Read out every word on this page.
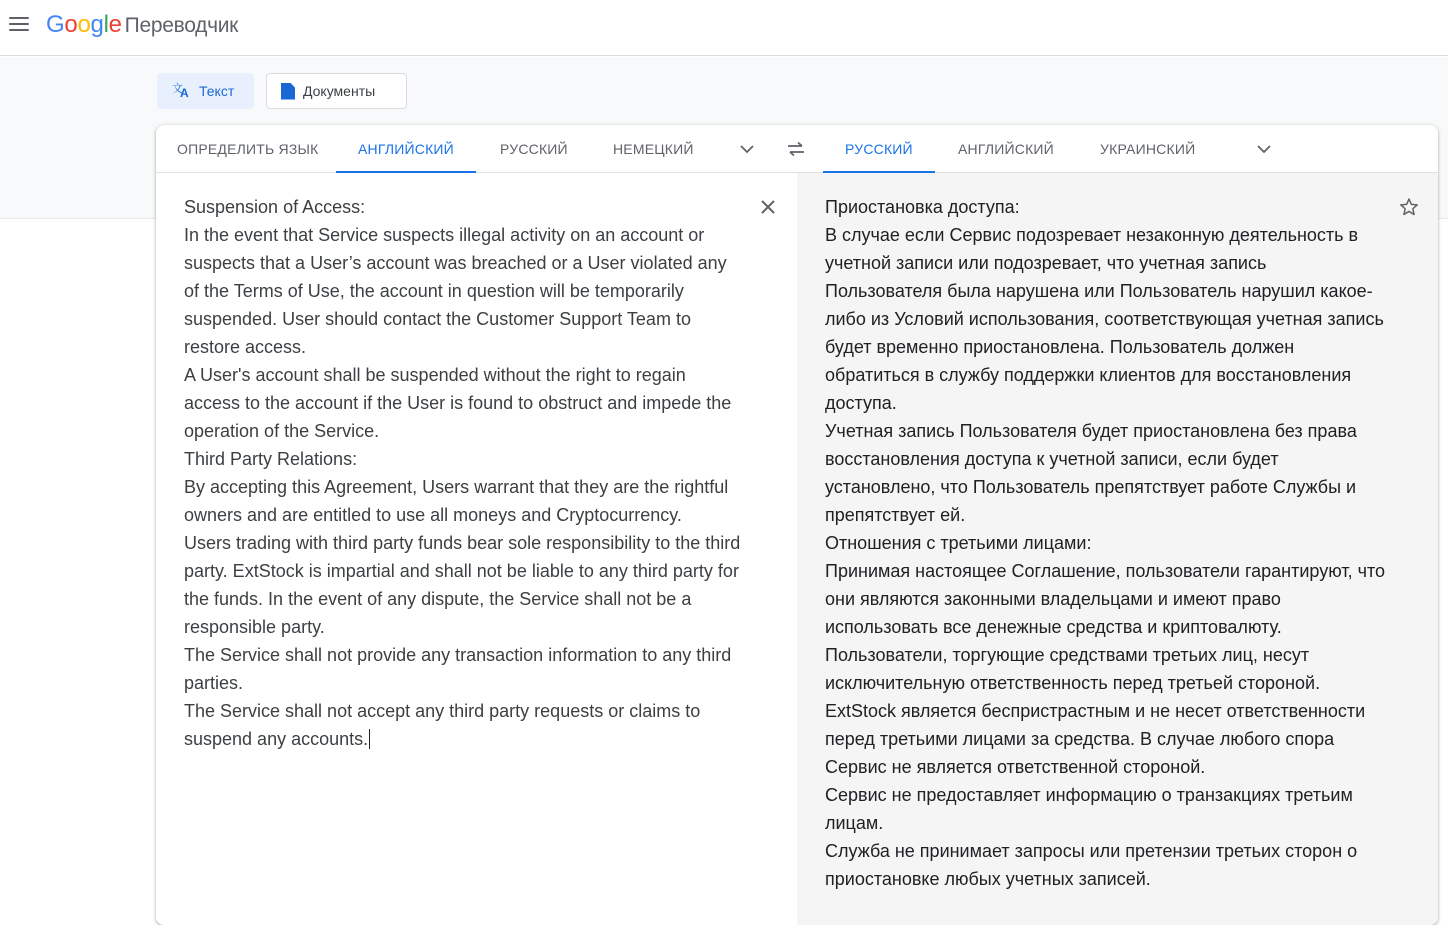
Google Переводчик
文
A Текст	Документы
ОПРЕДЕЛИТЬ ЯЗЫК	АНГЛИЙСКИЙ	РУССКИЙ	НЕМЕЦКИЙ	РУССКИЙ	АНГЛИЙСКИЙ	УКРАИНСКИЙ
Suspension of Access:
In the event that Service suspects illegal activity on an account or suspects that a User’s account was breached or a User violated any of the Terms of Use, the account in question will be temporarily suspended. User should contact the Customer Support Team to restore access.
A User's account shall be suspended without the right to regain access to the account if the User is found to obstruct and impede the operation of the Service.
Third Party Relations:
By accepting this Agreement, Users warrant that they are the rightful owners and are entitled to use all moneys and Cryptocurrency.
Users trading with third party funds bear sole responsibility to the third party. ExtStock is impartial and shall not be liable to any third party for the funds. In the event of any dispute, the Service shall not be a responsible party.
The Service shall not provide any transaction information to any third parties.
The Service shall not accept any third party requests or claims to suspend any accounts.
Приостановка доступа:
В случае если Сервис подозревает незаконную деятельность в учетной записи или подозревает, что учетная запись Пользователя была нарушена или Пользователь нарушил какое-либо из Условий использования, соответствующая учетная запись будет временно приостановлена. Пользователь должен обратиться в службу поддержки клиентов для восстановления доступа.
Учетная запись Пользователя будет приостановлена без права восстановления доступа к учетной записи, если будет установлено, что Пользователь препятствует работе Службы и препятствует ей.
Отношения с третьими лицами:
Принимая настоящее Соглашение, пользователи гарантируют, что они являются законными владельцами и имеют право использовать все денежные средства и криптовалюту.
Пользователи, торгующие средствами третьих лиц, несут исключительную ответственность перед третьей стороной. ExtStock является беспристрастным и не несет ответственности перед третьими лицами за средства. В случае любого спора Сервис не является ответственной стороной.
Сервис не предоставляет информацию о транзакциях третьим лицам.
Служба не принимает запросы или претензии третьих сторон о приостановке любых учетных записей.
